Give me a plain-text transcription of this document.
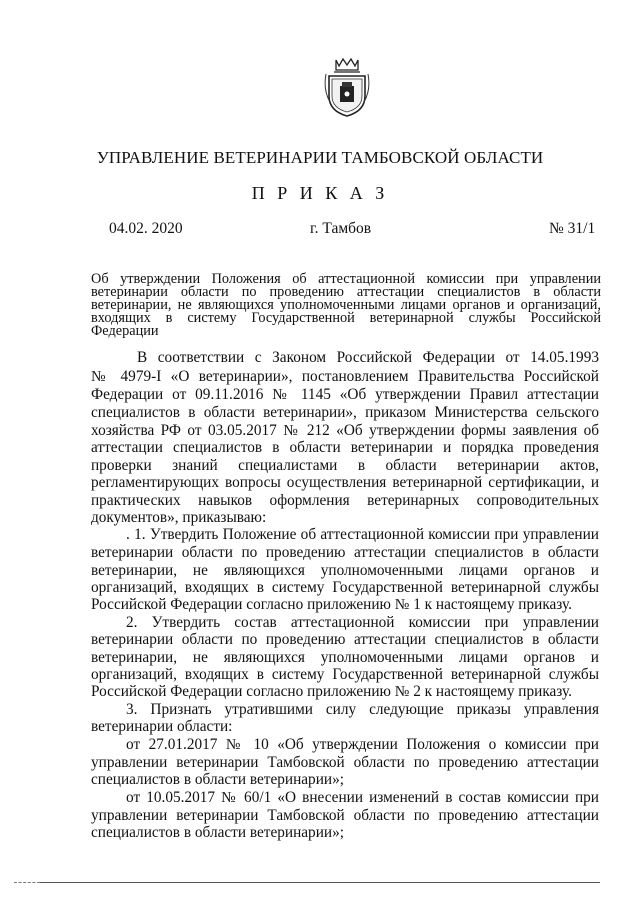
УПРАВЛЕНИЕ ВЕТЕРИНАРИИ ТАМБОВСКОЙ ОБЛАСТИ
П Р И К А З
04.02. 2020	г. Тамбов	№ 31/1
Об утверждении Положения об аттестационной комиссии при управлении ветеринарии области по проведению аттестации специалистов в области ветеринарии, не являющихся уполномоченными лицами органов и организаций, входящих в систему Государственной ветеринарной службы Российской Федерации
В соответствии с Законом Российской Федерации от 14.05.1993
№ 4979-I «О ветеринарии», постановлением Правительства Российской
Федерации от 09.11.2016 № 1145 «Об утверждении Правил аттестации
специалистов в области ветеринарии», приказом Министерства сельского
хозяйства РФ от 03.05.2017 № 212 «Об утверждении формы заявления об
аттестации специалистов в области ветеринарии и порядка проведения
проверки знаний специалистами в области ветеринарии актов,
регламентирующих вопросы осуществления ветеринарной сертификации, и
практических навыков оформления ветеринарных сопроводительных
документов», приказываю:
. 1. Утвердить Положение об аттестационной комиссии при управлении
ветеринарии области по проведению аттестации специалистов в области
ветеринарии, не являющихся уполномоченными лицами органов и
организаций, входящих в систему Государственной ветеринарной службы
Российской Федерации согласно приложению № 1 к настоящему приказу.
2. Утвердить состав аттестационной комиссии при управлении
ветеринарии области по проведению аттестации специалистов в области
ветеринарии, не являющихся уполномоченными лицами органов и
организаций, входящих в систему Государственной ветеринарной службы
Российской Федерации согласно приложению № 2 к настоящему приказу.
3. Признать утратившими силу следующие приказы управления
ветеринарии области:
от 27.01.2017 № 10 «Об утверждении Положения о комиссии при
управлении ветеринарии Тамбовской области по проведению аттестации
специалистов в области ветеринарии»;
от 10.05.2017 № 60/1 «О внесении изменений в состав комиссии при
управлении ветеринарии Тамбовской области по проведению аттестации
специалистов в области ветеринарии»;
